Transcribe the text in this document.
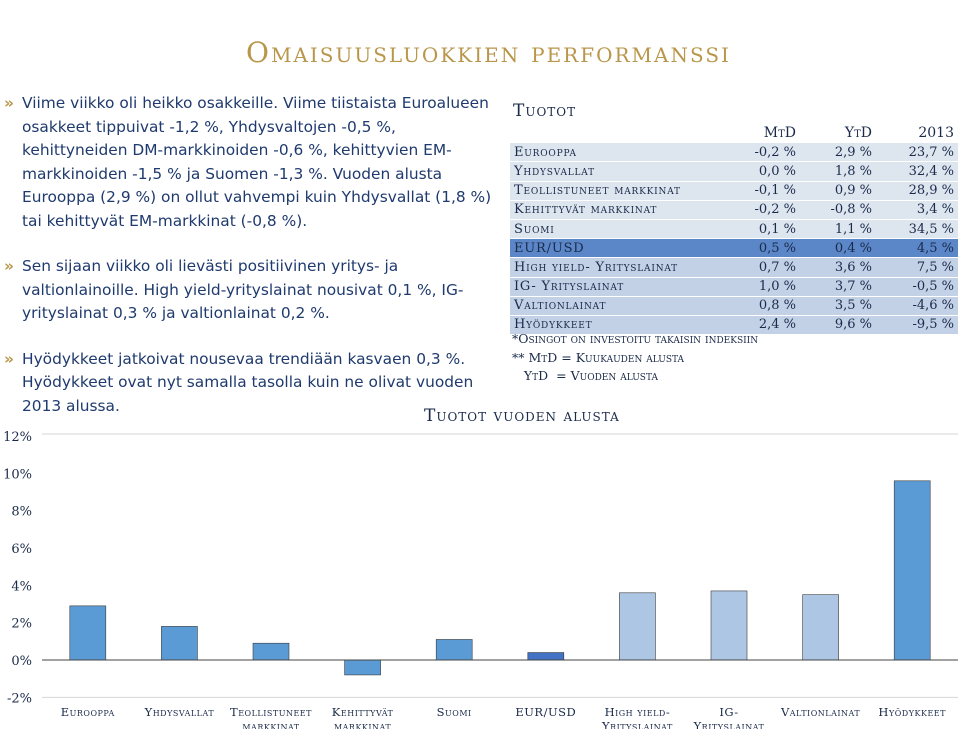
Omaisuusluokkien performanssi
» Viime viikko oli heikko osakkeille. Viime tiistaista Euroalueen osakkeet tippuivat -1,2 %, Yhdysvaltojen -0,5 %, kehittyneiden DM-markkinoiden -0,6 %, kehittyvien EM-markkinoiden -1,5 % ja Suomen -1,3 %. Vuoden alusta Eurooppa (2,9 %) on ollut vahvempi kuin Yhdysvallat (1,8 %) tai kehittyvät EM-markkinat (-0,8 %).
» Sen sijaan viikko oli lievästi positiivinen yritys- ja valtionlainoille. High yield-yrityslainat nousivat 0,1 %, IG-yrityslainat 0,3 % ja valtionlainat 0,2 %.
» Hyödykkeet jatkoivat nousevaa trendiään kasvaen 0,3 %. Hyödykkeet ovat nyt samalla tasolla kuin ne olivat vuoden 2013 alussa.
Tuotot
	MtD	YtD	2013
Eurooppa	-0,2 %	2,9 %	23,7 %
Yhdysvallat	0,0 %	1,8 %	32,4 %
Teollistuneet markkinat	-0,1 %	0,9 %	28,9 %
Kehittyvät markkinat	-0,2 %	-0,8 %	3,4 %
Suomi	0,1 %	1,1 %	34,5 %
EUR/USD	0,5 %	0,4 %	4,5 %
High yield- Yrityslainat	0,7 %	3,6 %	7,5 %
IG- Yrityslainat	1,0 %	3,7 %	-0,5 %
Valtionlainat	0,8 %	3,5 %	-4,6 %
Hyödykkeet	2,4 %	9,6 %	-9,5 %
*Osingot on investoitu takaisin indeksiin
** MtD = Kuukauden alusta
YtD  = Vuoden alusta
Tuotot vuoden alusta
12%
10%
8%
6%
4%
2%
0%
-2%
Eurooppa	Yhdysvallat Teollistuneet
markkinat
Kehittyvät
markkinat
Suomi	EUR/USD High yield-
Yrityslainat
IG-
Yrityslainat
Valtionlainat Hyödykkeet
